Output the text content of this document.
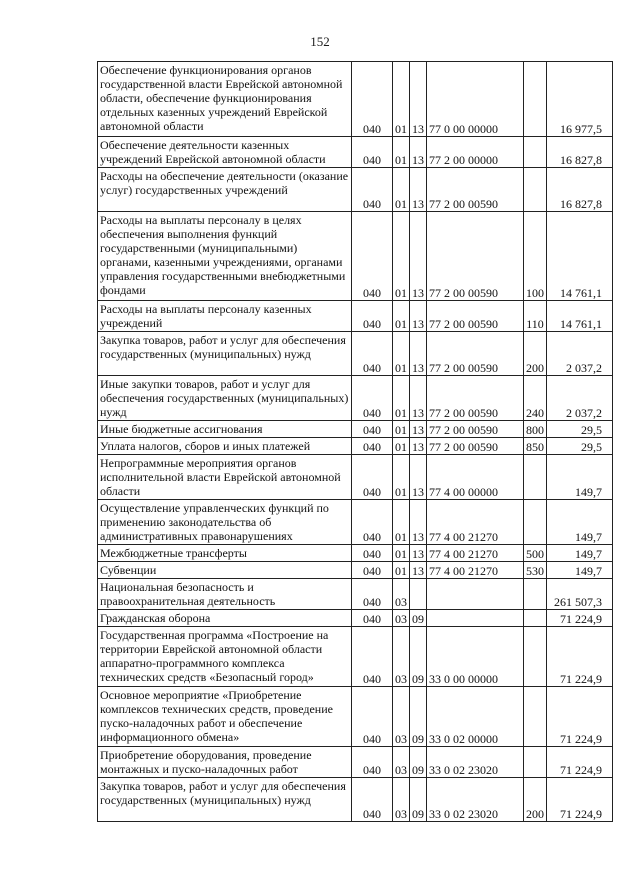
152
Обеспечение функционирования органов государственной власти Еврейской автономной области, обеспечение функционирования отдельных казенных учреждений Еврейской автономной области	040	01	13	77 0 00 00000		16 977,5
Обеспечение деятельности казенных учреждений Еврейской автономной области	040	01	13	77 2 00 00000		16 827,8
Расходы на обеспечение деятельности (оказание услуг) государственных учреждений	040	01	13	77 2 00 00590		16 827,8
Расходы на выплаты персоналу в целях обеспечения выполнения функций государственными (муниципальными) органами, казенными учреждениями, органами управления государственными внебюджетными фондами	040	01	13	77 2 00 00590	100	14 761,1
Расходы на выплаты персоналу казенных учреждений	040	01	13	77 2 00 00590	110	14 761,1
Закупка товаров, работ и услуг для обеспечения государственных (муниципальных) нужд	040	01	13	77 2 00 00590	200	2 037,2
Иные закупки товаров, работ и услуг для обеспечения государственных (муниципальных) нужд	040	01	13	77 2 00 00590	240	2 037,2
Иные бюджетные ассигнования	040	01	13	77 2 00 00590	800	29,5
Уплата налогов, сборов и иных платежей	040	01	13	77 2 00 00590	850	29,5
Непрограммные мероприятия органов исполнительной власти Еврейской автономной области	040	01	13	77 4 00 00000		149,7
Осуществление управленческих функций по применению законодательства об административных правонарушениях	040	01	13	77 4 00 21270		149,7
Межбюджетные трансферты	040	01	13	77 4 00 21270	500	149,7
Субвенции	040	01	13	77 4 00 21270	530	149,7
Национальная безопасность и правоохранительная деятельность	040	03				261 507,3
Гражданская оборона	040	03	09			71 224,9
Государственная программа «Построение на территории Еврейской автономной области аппаратно-программного комплекса технических средств «Безопасный город»	040	03	09	33 0 00 00000		71 224,9
Основное мероприятие «Приобретение комплексов технических средств, проведение пуско-наладочных работ и обеспечение информационного обмена»	040	03	09	33 0 02 00000		71 224,9
Приобретение оборудования, проведение монтажных и пуско-наладочных работ	040	03	09	33 0 02 23020		71 224,9
Закупка товаров, работ и услуг для обеспечения государственных (муниципальных) нужд	040	03	09	33 0 02 23020	200	71 224,9
